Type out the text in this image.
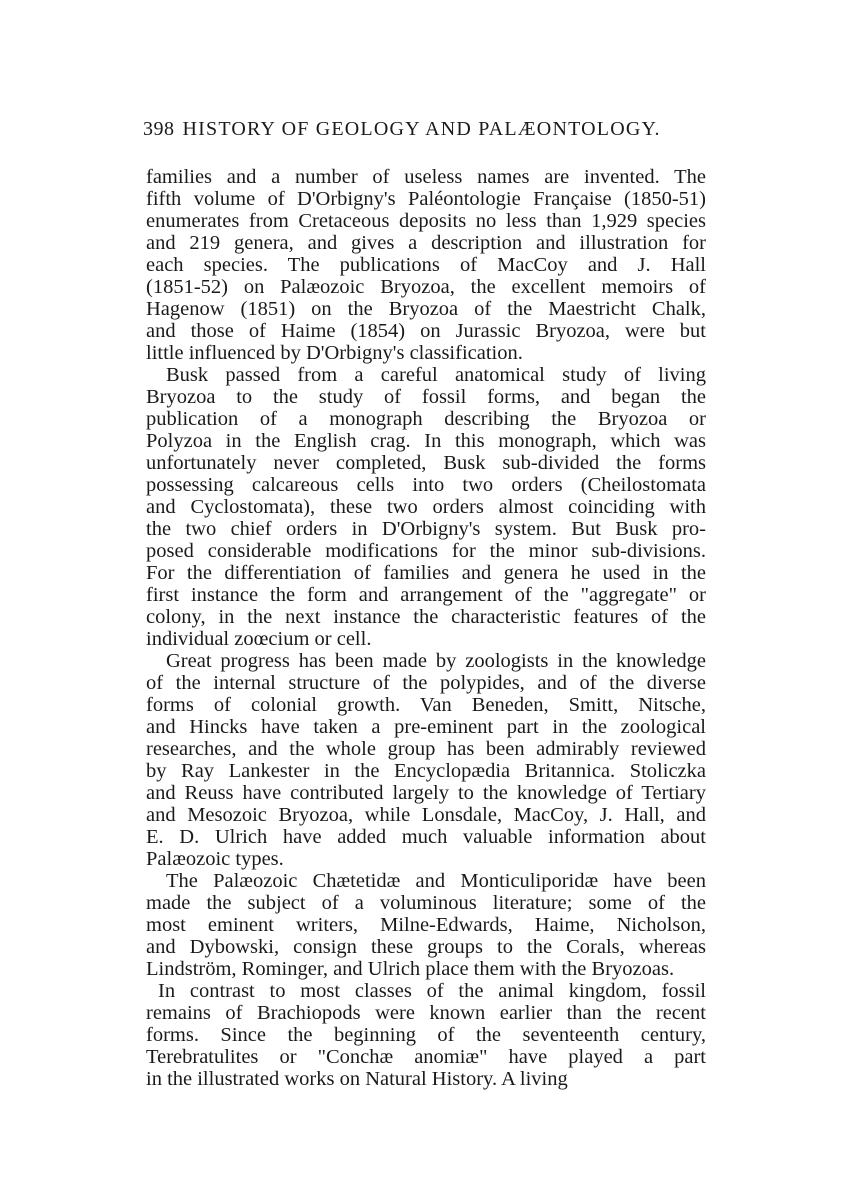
398 HISTORY OF GEOLOGY AND PALÆONTOLOGY.
families and a number of useless names are invented. The
fifth volume of D'Orbigny's Paléontologie Française (1850-51)
enumerates from Cretaceous deposits no less than 1,929 species
and 219 genera, and gives a description and illustration for
each species. The publications of MacCoy and J. Hall
(1851-52) on Palæozoic Bryozoa, the excellent memoirs of
Hagenow (1851) on the Bryozoa of the Maestricht Chalk,
and those of Haime (1854) on Jurassic Bryozoa, were but
little influenced by D'Orbigny's classification.
Busk passed from a careful anatomical study of living
Bryozoa to the study of fossil forms, and began the
publication of a monograph describing the Bryozoa or
Polyzoa in the English crag. In this monograph, which was
unfortunately never completed, Busk sub-divided the forms
possessing calcareous cells into two orders (Cheilostomata
and Cyclostomata), these two orders almost coinciding with
the two chief orders in D'Orbigny's system. But Busk pro-
posed considerable modifications for the minor sub-divisions.
For the differentiation of families and genera he used in the
first instance the form and arrangement of the "aggregate" or
colony, in the next instance the characteristic features of the
individual zoœcium or cell.
Great progress has been made by zoologists in the knowledge
of the internal structure of the polypides, and of the diverse
forms of colonial growth. Van Beneden, Smitt, Nitsche,
and Hincks have taken a pre-eminent part in the zoological
researches, and the whole group has been admirably reviewed
by Ray Lankester in the Encyclopædia Britannica. Stoliczka
and Reuss have contributed largely to the knowledge of Tertiary
and Mesozoic Bryozoa, while Lonsdale, MacCoy, J. Hall, and
E. D. Ulrich have added much valuable information about
Palæozoic types.
The Palæozoic Chætetidæ and Monticuliporidæ have been
made the subject of a voluminous literature; some of the
most eminent writers, Milne-Edwards, Haime, Nicholson,
and Dybowski, consign these groups to the Corals, whereas
Lindström, Rominger, and Ulrich place them with the Bryozoas.
In contrast to most classes of the animal kingdom, fossil
remains of Brachiopods were known earlier than the recent
forms. Since the beginning of the seventeenth century,
Terebratulites or "Conchæ anomiæ" have played a part
in the illustrated works on Natural History. A living
